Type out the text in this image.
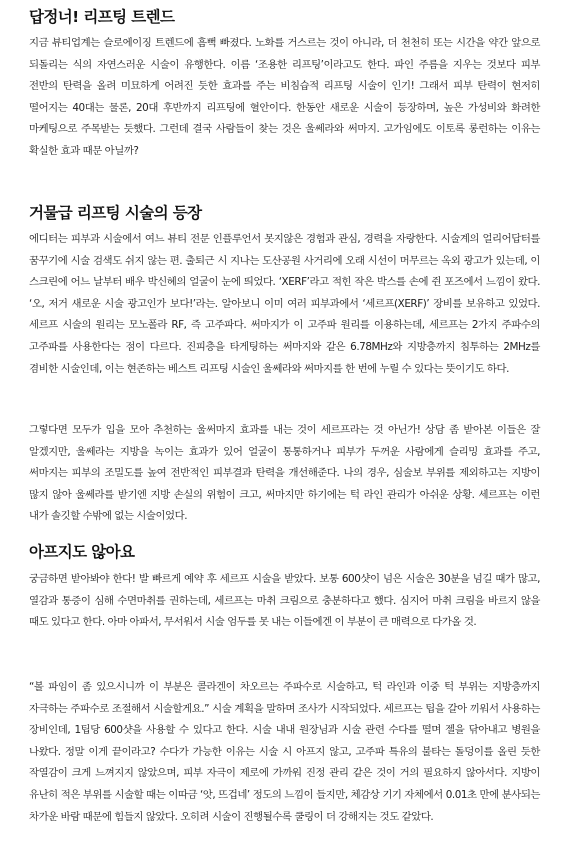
답정너! 리프팅 트렌드

지금 뷰티업계는 슬로에이징 트렌드에 흠뻑 빠졌다. 노화를 거스르는 것이 아니라, 더 천천히 또는 시간을 약간 앞으로 되돌리는 식의 자연스러운 시술이 유행한다. 이름 ‘조용한 리프팅’이라고도 한다. 파인 주름을 지우는 것보다 피부 전반의 탄력을 올려 미묘하게 어려진 듯한 효과를 주는 비침습적 리프팅 시술이 인기! 그래서 피부 탄력이 현저히 떨어지는 40대는 물론, 20대 후반까지 리프팅에 혈안이다. 한동안 새로운 시술이 등장하며, 높은 가성비와 화려한 마케팅으로 주목받는 듯했다. 그런데 결국 사람들이 찾는 것은 울쎄라와 써마지. 고가임에도 이토록 롱런하는 이유는 확실한 효과 때문 아닐까?

거물급 리프팅 시술의 등장

에디터는 피부과 시술에서 여느 뷰티 전문 인플루언서 못지않은 경험과 관심, 경력을 자랑한다. 시술계의 얼리어답터를 꿈꾸기에 시술 검색도 쉬지 않는 편. 출퇴근 시 지나는 도산공원 사거리에 오래 시선이 머무르는 옥외 광고가 있는데, 이 스크린에 어느 날부터 배우 박신혜의 얼굴이 눈에 띄었다. ‘XERF’라고 적힌 작은 박스를 손에 쥔 포즈에서 느낌이 왔다. ‘오, 저거 새로운 시술 광고인가 보다!’라는. 알아보니 이미 여러 피부과에서 ‘세르프(XERF)’ 장비를 보유하고 있었다. 세르프 시술의 원리는 모노폴라 RF, 즉 고주파다. 써마지가 이 고주파 원리를 이용하는데, 세르프는 2가지 주파수의 고주파를 사용한다는 점이 다르다. 진피층을 타게팅하는 써마지와 같은 6.78MHz와 지방층까지 침투하는 2MHz를 겸비한 시술인데, 이는 현존하는 베스트 리프팅 시술인 울쎄라와 써마지를 한 번에 누릴 수 있다는 뜻이기도 하다.

그렇다면 모두가 입을 모아 추천하는 울써마지 효과를 내는 것이 세르프라는 것 아닌가! 상담 좀 받아본 이들은 잘 알겠지만, 울쎄라는 지방을 녹이는 효과가 있어 얼굴이 통통하거나 피부가 두꺼운 사람에게 슬리밍 효과를 주고, 써마지는 피부의 조밀도를 높여 전반적인 피부결과 탄력을 개선해준다. 나의 경우, 심술보 부위를 제외하고는 지방이 많지 않아 울쎄라를 받기엔 지방 손실의 위험이 크고, 써마지만 하기에는 턱 라인 관리가 아쉬운 상황. 세르프는 이런 내가 솔깃할 수밖에 없는 시술이었다.

아프지도 않아요

궁금하면 받아봐야 한다! 발 빠르게 예약 후 세르프 시술을 받았다. 보통 600샷이 넘은 시술은 30분을 넘길 때가 많고, 열감과 통증이 심해 수면마취를 권하는데, 세르프는 마취 크림으로 충분하다고 했다. 심지어 마취 크림을 바르지 않을 때도 있다고 한다. 아마 아파서, 무서워서 시술 엄두를 못 내는 이들에겐 이 부분이 큰 매력으로 다가올 것.

“볼 파임이 좀 있으시니까 이 부분은 콜라겐이 차오르는 주파수로 시술하고, 턱 라인과 이중 턱 부위는 지방층까지 자극하는 주파수로 조절해서 시술할게요.” 시술 계획을 말하며 조사가 시작되었다. 세르프는 팁을 갈아 끼워서 사용하는 장비인데, 1팁당 600샷을 사용할 수 있다고 한다. 시술 내내 원장님과 시술 관련 수다를 떨며 젤을 닦아내고 병원을 나왔다. 정말 이게 끝이라고? 수다가 가능한 이유는 시술 시 아프지 않고, 고주파 특유의 불타는 돌덩이를 올린 듯한 작열감이 크게 느껴지지 않았으며, 피부 자극이 제로에 가까워 진정 관리 같은 것이 거의 필요하지 않아서다. 지방이 유난히 적은 부위를 시술할 때는 이따금 ‘앗, 뜨겁네’ 정도의 느낌이 들지만, 체감상 기기 자체에서 0.01초 만에 분사되는 차가운 바람 때문에 힘들지 않았다. 오히려 시술이 진행될수록 쿨링이 더 강해지는 것도 같았다.
